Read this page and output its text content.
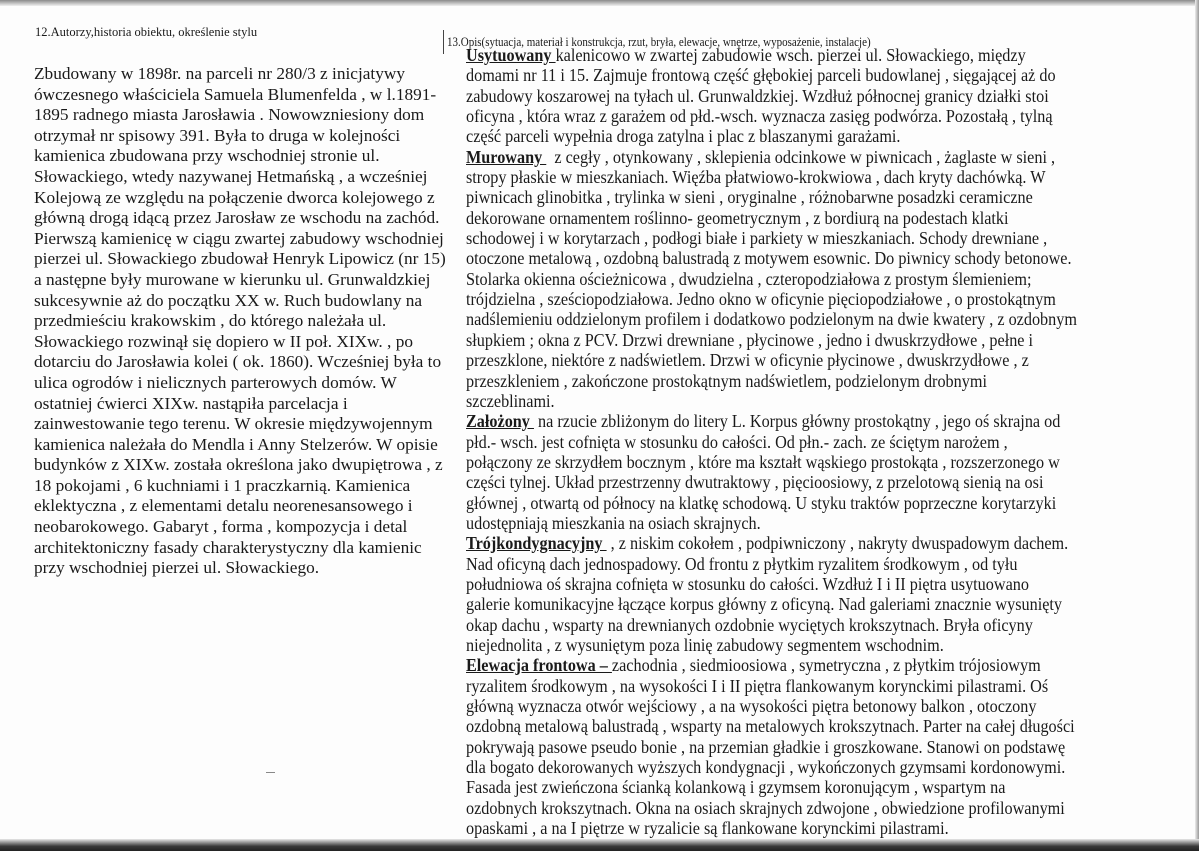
12.Autorzy,historia obiektu, określenie stylu
13.Opis(sytuacja, materiał i konstrukcja, rzut, bryła, elewacje, wnętrze, wyposażenie, instalacje)
Zbudowany w 1898r. na parceli nr 280/3 z inicjatywy
ówczesnego właściciela Samuela Blumenfelda , w l.1891-
1895 radnego miasta Jarosławia . Nowowzniesiony dom
otrzymał nr spisowy 391. Była to druga w kolejności
kamienica zbudowana przy wschodniej stronie ul.
Słowackiego, wtedy nazywanej Hetmańską , a wcześniej
Kolejową ze względu na połączenie dworca kolejowego z
główną drogą idącą przez Jarosław ze wschodu na zachód.
Pierwszą kamienicę w ciągu zwartej zabudowy wschodniej
pierzei ul. Słowackiego zbudował Henryk Lipowicz (nr 15)
a następne były murowane w kierunku ul. Grunwaldzkiej
sukcesywnie aż do początku XX w. Ruch budowlany na
przedmieściu krakowskim , do którego należała ul.
Słowackiego rozwinął się dopiero w II poł. XIXw. , po
dotarciu do Jarosławia kolei ( ok. 1860). Wcześniej była to
ulica ogrodów i nielicznych parterowych domów. W
ostatniej ćwierci XIXw. nastąpiła parcelacja i
zainwestowanie tego terenu. W okresie międzywojennym
kamienica należała do Mendla i Anny Stelzerów. W opisie
budynków z XIXw. została określona jako dwupiętrowa , z
18 pokojami , 6 kuchniami i 1 praczkarnią. Kamienica
eklektyczna , z elementami detalu neorenesansowego i
neobarokowego. Gabaryt , forma , kompozycja i detal
architektoniczny fasady charakterystyczny dla kamienic
przy wschodniej pierzei ul. Słowackiego.
Usytuowany kalenicowo w zwartej zabudowie wsch. pierzei ul. Słowackiego, między
domami nr 11 i 15. Zajmuje frontową część głębokiej parceli budowlanej , sięgającej aż do
zabudowy koszarowej na tyłach ul. Grunwaldzkiej. Wzdłuż północnej granicy działki stoi
oficyna , która wraz z garażem od płd.-wsch. wyznacza zasięg podwórza. Pozostałą , tylną
część parceli wypełnia droga zatylna i plac z blaszanymi garażami.
Murowany   z cegły , otynkowany , sklepienia odcinkowe w piwnicach , żaglaste w sieni ,
stropy płaskie w mieszkaniach. Więźba płatwiowo-krokwiowa , dach kryty dachówką. W
piwnicach glinobitka , trylinka w sieni , oryginalne , różnobarwne posadzki ceramiczne
dekorowane ornamentem roślinno- geometrycznym , z bordiurą na podestach klatki
schodowej i w korytarzach , podłogi białe i parkiety w mieszkaniach. Schody drewniane ,
otoczone metalową , ozdobną balustradą z motywem esownic. Do piwnicy schody betonowe.
Stolarka okienna ościeżnicowa , dwudzielna , czteropodziałowa z prostym ślemieniem;
trójdzielna , sześciopodziałowa. Jedno okno w oficynie pięciopodziałowe , o prostokątnym
nadślemieniu oddzielonym profilem i dodatkowo podzielonym na dwie kwatery , z ozdobnym
słupkiem ; okna z PCV. Drzwi drewniane , płycinowe , jedno i dwuskrzydłowe , pełne i
przeszklone, niektóre z nadświetlem. Drzwi w oficynie płycinowe , dwuskrzydłowe , z
przeszkleniem , zakończone prostokątnym nadświetlem, podzielonym drobnymi
szczeblinami.
Założony  na rzucie zbliżonym do litery L. Korpus główny prostokątny , jego oś skrajna od
płd.- wsch. jest cofnięta w stosunku do całości. Od płn.- zach. ze ściętym narożem ,
połączony ze skrzydłem bocznym , które ma kształt wąskiego prostokąta , rozszerzonego w
części tylnej. Układ przestrzenny dwutraktowy , pięcioosiowy, z przelotową sienią na osi
głównej , otwartą od północy na klatkę schodową. U styku traktów poprzeczne korytarzyki
udostępniają mieszkania na osiach skrajnych.
Trójkondygnacyjny  , z niskim cokołem , podpiwniczony , nakryty dwuspadowym dachem.
Nad oficyną dach jednospadowy. Od frontu z płytkim ryzalitem środkowym , od tyłu
południowa oś skrajna cofnięta w stosunku do całości. Wzdłuż I i II piętra usytuowano
galerie komunikacyjne łączące korpus główny z oficyną. Nad galeriami znacznie wysunięty
okap dachu , wsparty na drewnianych ozdobnie wyciętych krokszytnach. Bryła oficyny
niejednolita , z wysuniętym poza linię zabudowy segmentem wschodnim.
Elewacja frontowa – zachodnia , siedmioosiowa , symetryczna , z płytkim trójosiowym
ryzalitem środkowym , na wysokości I i II piętra flankowanym korynckimi pilastrami. Oś
główną wyznacza otwór wejściowy , a na wysokości piętra betonowy balkon , otoczony
ozdobną metalową balustradą , wsparty na metalowych krokszytnach. Parter na całej długości
pokrywają pasowe pseudo bonie , na przemian gładkie i groszkowane. Stanowi on podstawę
dla bogato dekorowanych wyższych kondygnacji , wykończonych gzymsami kordonowymi.
Fasada jest zwieńczona ścianką kolankową i gzymsem koronującym , wspartym na
ozdobnych krokszytnach. Okna na osiach skrajnych zdwojone , obwiedzione profilowanymi
opaskami , a na I piętrze w ryzalicie są flankowane korynckimi pilastrami.
